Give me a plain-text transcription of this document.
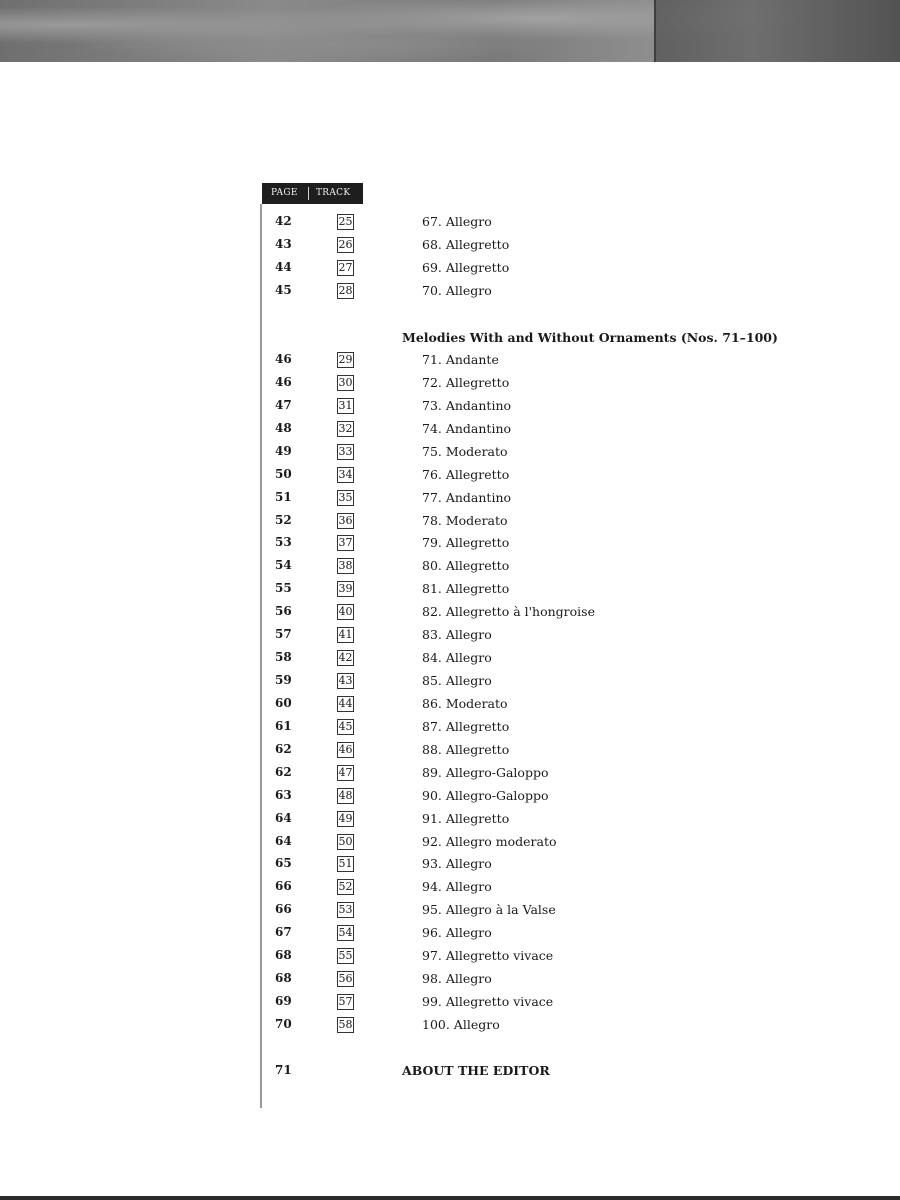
PAGE TRACK
42	25	67. Allegro
43	26	68. Allegretto
44	27	69. Allegretto
45	28	70. Allegro
Melodies With and Without Ornaments (Nos. 71–100)
46	29	71. Andante
46	30	72. Allegretto
47	31	73. Andantino
48	32	74. Andantino
49	33	75. Moderato
50	34	76. Allegretto
51	35	77. Andantino
52	36	78. Moderato
53	37	79. Allegretto
54	38	80. Allegretto
55	39	81. Allegretto
56	40	82. Allegretto à l'hongroise
57	41	83. Allegro
58	42	84. Allegro
59	43	85. Allegro
60	44	86. Moderato
61	45	87. Allegretto
62	46	88. Allegretto
62	47	89. Allegro-Galoppo
63	48	90. Allegro-Galoppo
64	49	91. Allegretto
64	50	92. Allegro moderato
65	51	93. Allegro
66	52	94. Allegro
66	53	95. Allegro à la Valse
67	54	96. Allegro
68	55	97. Allegretto vivace
68	56	98. Allegro
69	57	99. Allegretto vivace
70	58	100. Allegro
71	ABOUT THE EDITOR
